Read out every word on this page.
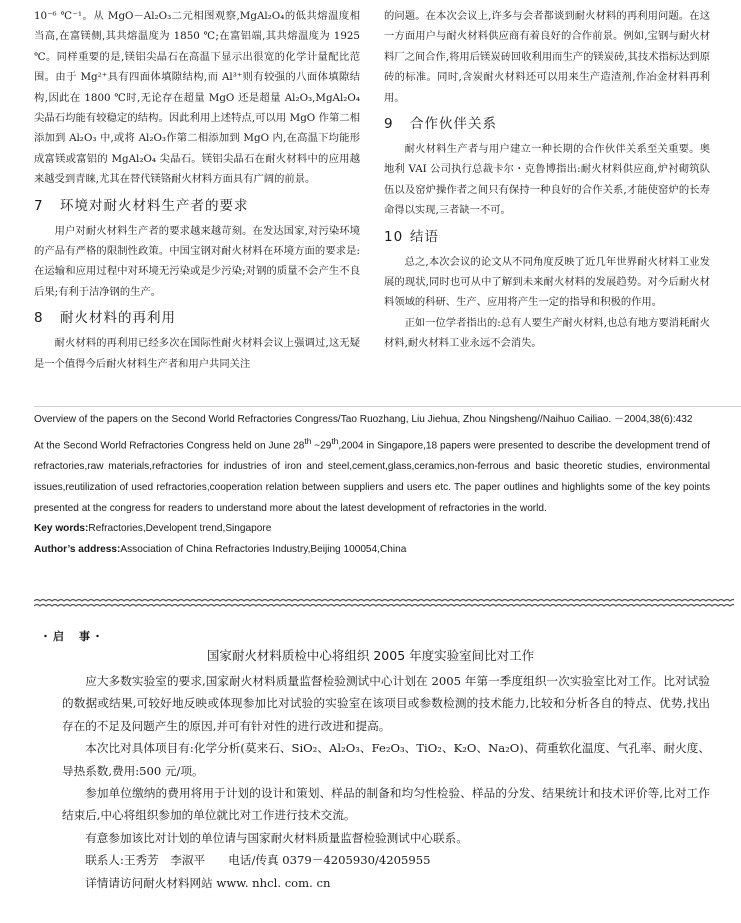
10⁻⁶ ℃⁻¹。从 MgO－Al₂O₃二元相图观察,MgAl₂O₄的低共熔温度相当高,在富镁侧,其共熔温度为 1850 ℃;在富铝端,其共熔温度为 1925 ℃。同样重要的是,镁铝尖晶石在高温下显示出很宽的化学计量配比范围。由于 Mg²⁺具有四面体填隙结构,而 Al³⁺则有较强的八面体填隙结构,因此在 1800 ℃时,无论存在超量 MgO 还是超量 Al₂O₃,MgAl₂O₄ 尖晶石均能有较稳定的结构。因此利用上述特点,可以用 MgO 作第二相添加到 Al₂O₃ 中,或将 Al₂O₃作第二相添加到 MgO 内,在高温下均能形成富镁或富铝的 MgAl₂O₄ 尖晶石。镁铝尖晶石在耐火材料中的应用越来越受到青睐,尤其在替代镁铬耐火材料方面具有广阔的前景。

7 环境对耐火材料生产者的要求

用户对耐火材料生产者的要求越来越苛刻。在发达国家,对污染环境的产品有严格的限制性政策。中国宝钢对耐火材料在环境方面的要求是:在运输和应用过程中对环境无污染或是少污染;对钢的质量不会产生不良后果;有利于洁净钢的生产。

8 耐火材料的再利用

耐火材料的再利用已经多次在国际性耐火材料会议上强调过,这无疑是一个值得今后耐火材料生产者和用户共同关注

的问题。在本次会议上,许多与会者都谈到耐火材料的再利用问题。在这一方面用户与耐火材料供应商有着良好的合作前景。例如,宝钢与耐火材料厂之间合作,将用后镁炭砖回收利用而生产的镁炭砖,其技术指标达到原砖的标准。同时,含炭耐火材料还可以用来生产造渣剂,作冶金材料再利用。

9 合作伙伴关系

耐火材料生产者与用户建立一种长期的合作伙伴关系至关重要。奥地利 VAI 公司执行总裁卡尔・克鲁博指出:耐火材料供应商,炉衬砌筑队伍以及窑炉操作者之间只有保持一种良好的合作关系,才能使窑炉的长寿命得以实现,三者缺一不可。

10 结语

总之,本次会议的论文从不同角度反映了近几年世界耐火材料工业发展的现状,同时也可从中了解到未来耐火材料的发展趋势。对今后耐火材料领域的科研、生产、应用将产生一定的指导和积极的作用。

正如一位学者指出的:总有人要生产耐火材料,也总有地方要消耗耐火材料,耐火材料工业永远不会消失。

Overview of the papers on the Second World Refractories Congress/Tao Ruozhang, Liu Jiehua, Zhou Ningsheng//Naihuo Cailiao. －2004,38(6):432

At the Second World Refractories Congress held on June 28th ~29th,2004 in Singapore,18 papers were presented to describe the development trend of refractories,raw materials,refractories for industries of iron and steel,cement,glass,ceramics,non-ferrous and basic theoretic studies, environmental issues,reutilization of used refractories,cooperation relation between suppliers and users etc. The paper outlines and highlights some of the key points presented at the congress for readers to understand more about the latest development of refractories in the world.

Key words:Refractories,Developent trend,Singapore

Author’s address:Association of China Refractories Industry,Beijing 100054,China

・启　事・
国家耐火材料质检中心将组织 2005 年度实验室间比对工作

应大多数实验室的要求,国家耐火材料质量监督检验测试中心计划在 2005 年第一季度组织一次实验室比对工作。比对试验的数据或结果,可较好地反映或体现参加比对试验的实验室在该项目或参数检测的技术能力,比较和分析各自的特点、优势,找出存在的不足及问题产生的原因,并可有针对性的进行改进和提高。

本次比对具体项目有:化学分析(莫来石、SiO₂、Al₂O₃、Fe₂O₃、TiO₂、K₂O、Na₂O)、荷重软化温度、气孔率、耐火度、导热系数,费用:500 元/项。

参加单位缴纳的费用将用于计划的设计和策划、样品的制备和均匀性检验、样品的分发、结果统计和技术评价等,比对工作结束后,中心将组织参加的单位就比对工作进行技术交流。

有意参加该比对计划的单位请与国家耐火材料质量监督检验测试中心联系。

联系人:王秀芳　李淑平　　 电话/传真 0379－4205930/4205955

详情请访问耐火材料网站 www. nhcl. com. cn
